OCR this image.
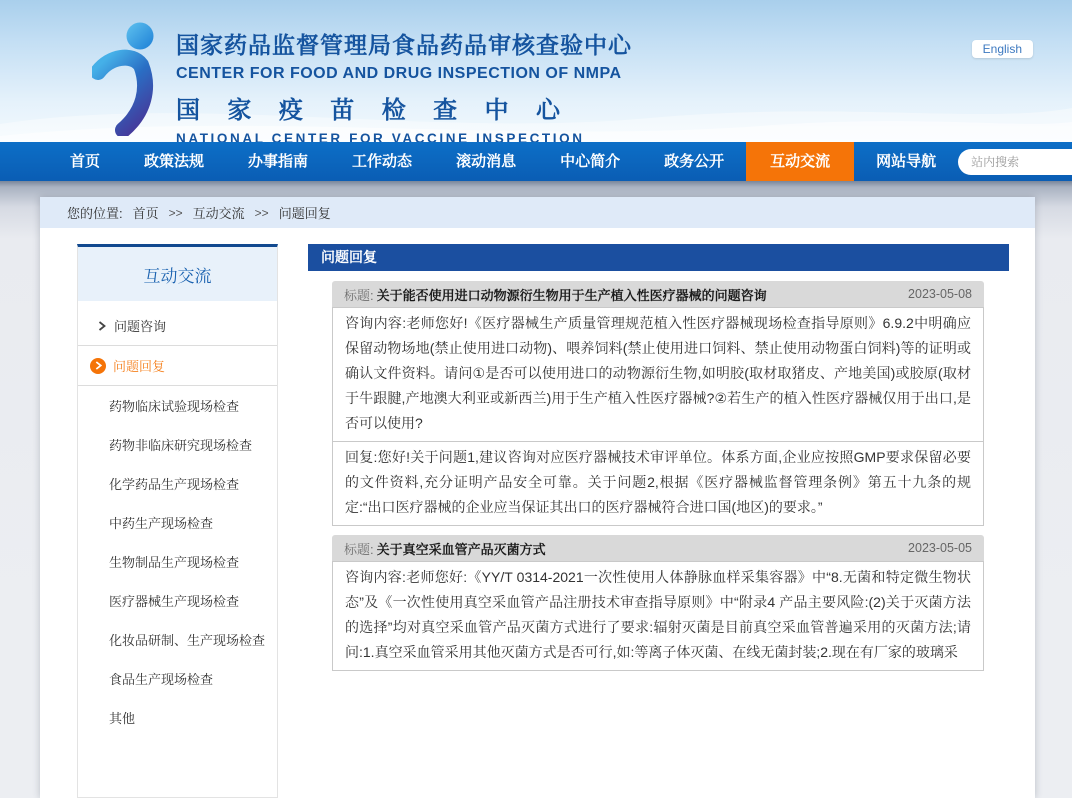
国家药品监督管理局食品药品审核查验中心
CENTER FOR FOOD AND DRUG INSPECTION OF NMPA
国家疫苗检查中心
NATIONAL CENTER FOR VACCINE INSPECTION
English
首页	政策法规	办事指南	工作动态	滚动消息	中心简介	政务公开	互动交流	网站导航
站内搜索
您的位置: 首页 >> 互动交流 >> 问题回复
互动交流
问题咨询
问题回复
药物临床试验现场检查
药物非临床研究现场检查
化学药品生产现场检查
中药生产现场检查
生物制品生产现场检查
医疗器械生产现场检查
化妆品研制、生产现场检查
食品生产现场检查
其他
问题回复
标题: 关于能否使用进口动物源衍生物用于生产植入性医疗器械的问题咨询	2023-05-08
咨询内容:老师您好!《医疗器械生产质量管理规范植入性医疗器械现场检查指导原则》6.9.2中明确应保留动物场地(禁止使用进口动物)、喂养饲料(禁止使用进口饲料、禁止使用动物蛋白饲料)等的证明或确认文件资料。请问①是否可以使用进口的动物源衍生物,如明胶(取材取猪皮、产地美国)或胶原(取材于牛跟腱,产地澳大利亚或新西兰)用于生产植入性医疗器械?②若生产的植入性医疗器械仅用于出口,是否可以使用?
回复:您好!关于问题1,建议咨询对应医疗器械技术审评单位。体系方面,企业应按照GMP要求保留必要的文件资料,充分证明产品安全可靠。关于问题2,根据《医疗器械监督管理条例》第五十九条的规定:“出口医疗器械的企业应当保证其出口的医疗器械符合进口国(地区)的要求。”
标题: 关于真空采血管产品灭菌方式	2023-05-05
咨询内容:老师您好:《YY/T 0314-2021一次性使用人体静脉血样采集容器》中“8.无菌和特定微生物状态”及《一次性使用真空采血管产品注册技术审查指导原则》中“附录4 产品主要风险:(2)关于灭菌方法的选择”均对真空采血管产品灭菌方式进行了要求:辐射灭菌是目前真空采血管普遍采用的灭菌方法;请问:1.真空采血管采用其他灭菌方式是否可行,如:等离子体灭菌、在线无菌封装;2.现在有厂家的玻璃采
